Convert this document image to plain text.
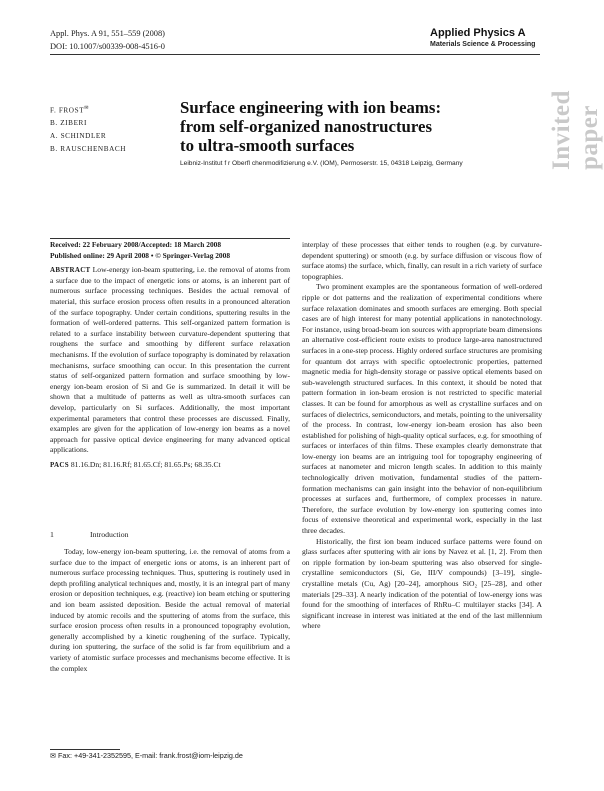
Appl. Phys. A 91, 551–559 (2008)
DOI: 10.1007/s00339-008-4516-0
Applied Physics A
Materials Science & Processing
Invited paper
F. FROST✉
B. ZIBERI
A. SCHINDLER
B. RAUSCHENBACH
Surface engineering with ion beams:
from self-organized nanostructures
to ultra-smooth surfaces
Leibniz-Institut f r Oberfl chenmodifizierung e.V. (IOM), Permoserstr. 15, 04318 Leipzig, Germany

Received: 22 February 2008/Accepted: 18 March 2008

Published online: 29 April 2008 • © Springer-Verlag 2008

ABSTRACT Low-energy ion-beam sputtering, i.e. the removal of atoms from a surface due to the impact of energetic ions or atoms, is an inherent part of numerous surface processing techniques. Besides the actual removal of material, this surface erosion process often results in a pronounced alteration of the surface topography. Under certain conditions, sputtering results in the formation of well-ordered patterns. This self-organized pattern formation is related to a surface instability between curvature-dependent sputtering that roughens the surface and smoothing by different surface relaxation mechanisms. If the evolution of surface topography is dominated by relaxation mechanisms, surface smoothing can occur. In this presentation the current status of self-organized pattern formation and surface smoothing by low-energy ion-beam erosion of Si and Ge is summarized. In detail it will be shown that a multitude of patterns as well as ultra-smooth surfaces can develop, particularly on Si surfaces. Additionally, the most important experimental parameters that control these processes are discussed. Finally, examples are given for the application of low-energy ion beams as a novel approach for passive optical device engineering for many advanced optical applications.

PACS 81.16.Dn; 81.16.Rf; 81.65.Cf; 81.65.Ps; 68.35.Ct

1	Introduction

Today, low-energy ion-beam sputtering, i.e. the removal of atoms from a surface due to the impact of energetic ions or atoms, is an inherent part of numerous surface processing techniques. Thus, sputtering is routinely used in depth profiling analytical techniques and, mostly, it is an integral part of many erosion or deposition techniques, e.g. (reactive) ion beam etching or sputtering and ion beam assisted deposition. Beside the actual removal of material induced by atomic recoils and the sputtering of atoms from the surface, this surface erosion process often results in a pronounced topography evolution, generally accomplished by a kinetic roughening of the surface. Typically, during ion sputtering, the surface of the solid is far from equilibrium and a variety of atomistic surface processes and mechanisms become effective. It is the complex

✉ Fax: +49-341-2352595, E-mail: frank.frost@iom-leipzig.de

interplay of these processes that either tends to roughen (e.g. by curvature-dependent sputtering) or smooth (e.g. by surface diffusion or viscous flow of surface atoms) the surface, which, finally, can result in a rich variety of surface topographies.

Two prominent examples are the spontaneous formation of well-ordered ripple or dot patterns and the realization of experimental conditions where surface relaxation dominates and smooth surfaces are emerging. Both special cases are of high interest for many potential applications in nanotechnology. For instance, using broad-beam ion sources with appropriate beam dimensions an alternative cost-efficient route exists to produce large-area nanostructured surfaces in a one-step process. Highly ordered surface structures are promising for quantum dot arrays with specific optoelectronic properties, patterned magnetic media for high-density storage or passive optical elements based on sub-wavelength structured surfaces. In this context, it should be noted that pattern formation in ion-beam erosion is not restricted to specific material classes. It can be found for amorphous as well as crystalline surfaces and on surfaces of dielectrics, semiconductors, and metals, pointing to the universality of the process. In contrast, low-energy ion-beam erosion has also been established for polishing of high-quality optical surfaces, e.g. for smoothing of surfaces or interfaces of thin films. These examples clearly demonstrate that low-energy ion beams are an intriguing tool for topography engineering of surfaces at nanometer and micron length scales. In addition to this mainly technologically driven motivation, fundamental studies of the pattern-formation mechanisms can gain insight into the behavior of non-equilibrium processes at surfaces and, furthermore, of complex processes in nature. Therefore, the surface evolution by low-energy ion sputtering comes into focus of extensive theoretical and experimental work, especially in the last three decades.

Historically, the first ion beam induced surface patterns were found on glass surfaces after sputtering with air ions by Navez et al. [1, 2]. From then on ripple formation by ion-beam sputtering was also observed for single-crystalline semiconductors (Si, Ge, III/V compounds) [3–19], single-crystalline metals (Cu, Ag) [20–24], amorphous SiO₂ [25–28], and other materials [29–33]. A nearly indication of the potential of low-energy ions was found for the smoothing of interfaces of RhRu–C multilayer stacks [34]. A significant increase in interest was initiated at the end of the last millennium where
